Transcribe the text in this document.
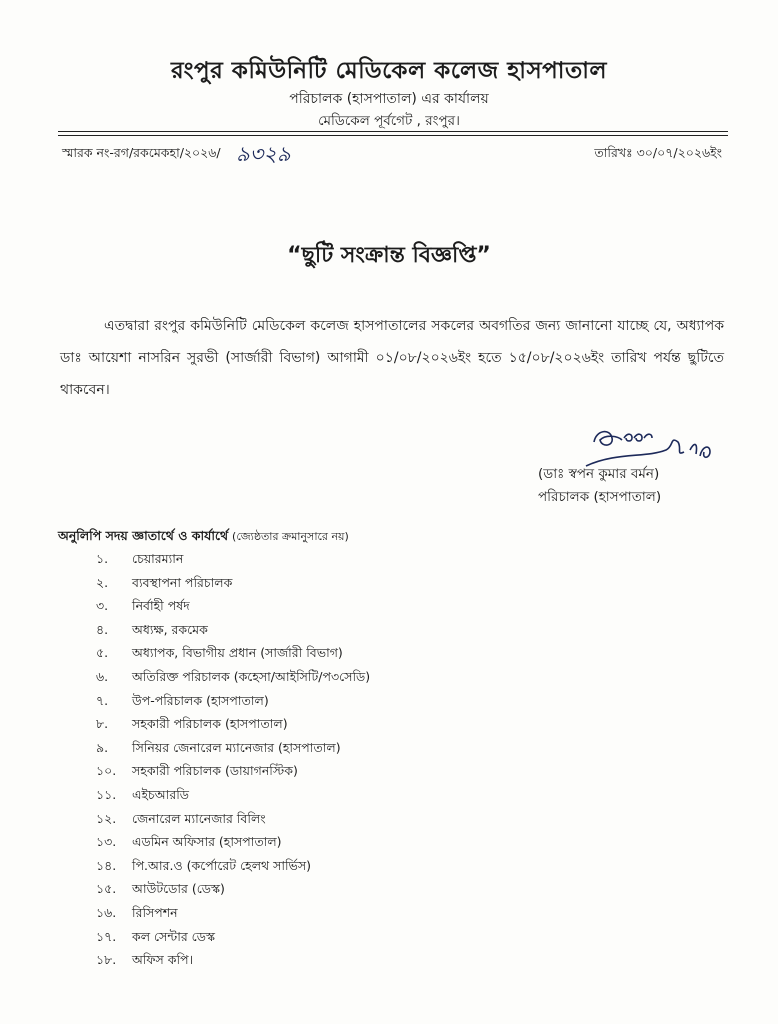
রংপুর কমিউনিটি মেডিকেল কলেজ হাসপাতাল
পরিচালক (হাসপাতাল) এর কার্যালয়
মেডিকেল পূর্বগেট , রংপুর।
স্মারক নং-রগ/রকমেকহা/২০২৬/ ৯৩২৯	তারিখঃ ৩০/০৭/২০২৬ইং
“ছুটি সংক্রান্ত বিজ্ঞপ্তি”
এতদ্বারা রংপুর কমিউনিটি মেডিকেল কলেজ হাসপাতালের সকলের অবগতির জন্য জানানো যাচ্ছে যে, অধ্যাপক ডাঃ আয়েশা নাসরিন সুরভী (সার্জারী বিভাগ) আগামী ০১/০৮/২০২৬ইং হতে ১৫/০৮/২০২৬ইং তারিখ পর্যন্ত ছুটিতে থাকবেন।
(ডাঃ স্বপন কুমার বর্মন)
পরিচালক (হাসপাতাল)
অনুলিপি সদয় জ্ঞাতার্থে ও কার্যার্থে (জ্যেষ্ঠতার ক্রমানুসারে নয়)
১.	চেয়ারম্যান
২.	ব্যবস্থাপনা পরিচালক
৩.	নির্বাহী পর্ষদ
৪.	অধ্যক্ষ, রকমেক
৫.	অধ্যাপক, বিভাগীয় প্রধান (সার্জারী বিভাগ)
৬.	অতিরিক্ত পরিচালক (কহেসা/আইসিটি/প৩সেডি)
৭.	উপ-পরিচালক (হাসপাতাল)
৮.	সহকারী পরিচালক (হাসপাতাল)
৯.	সিনিয়র জেনারেল ম্যানেজার (হাসপাতাল)
১০.	সহকারী পরিচালক (ডায়াগনস্টিক)
১১.	এইচআরডি
১২.	জেনারেল ম্যানেজার বিলিং
১৩.	এডমিন অফিসার (হাসপাতাল)
১৪.	পি.আর.ও (কর্পোরেট হেলথ সার্ভিস)
১৫.	আউটডোর (ডেস্ক)
১৬.	রিসিপশন
১৭.	কল সেন্টার ডেস্ক
১৮.	অফিস কপি।
